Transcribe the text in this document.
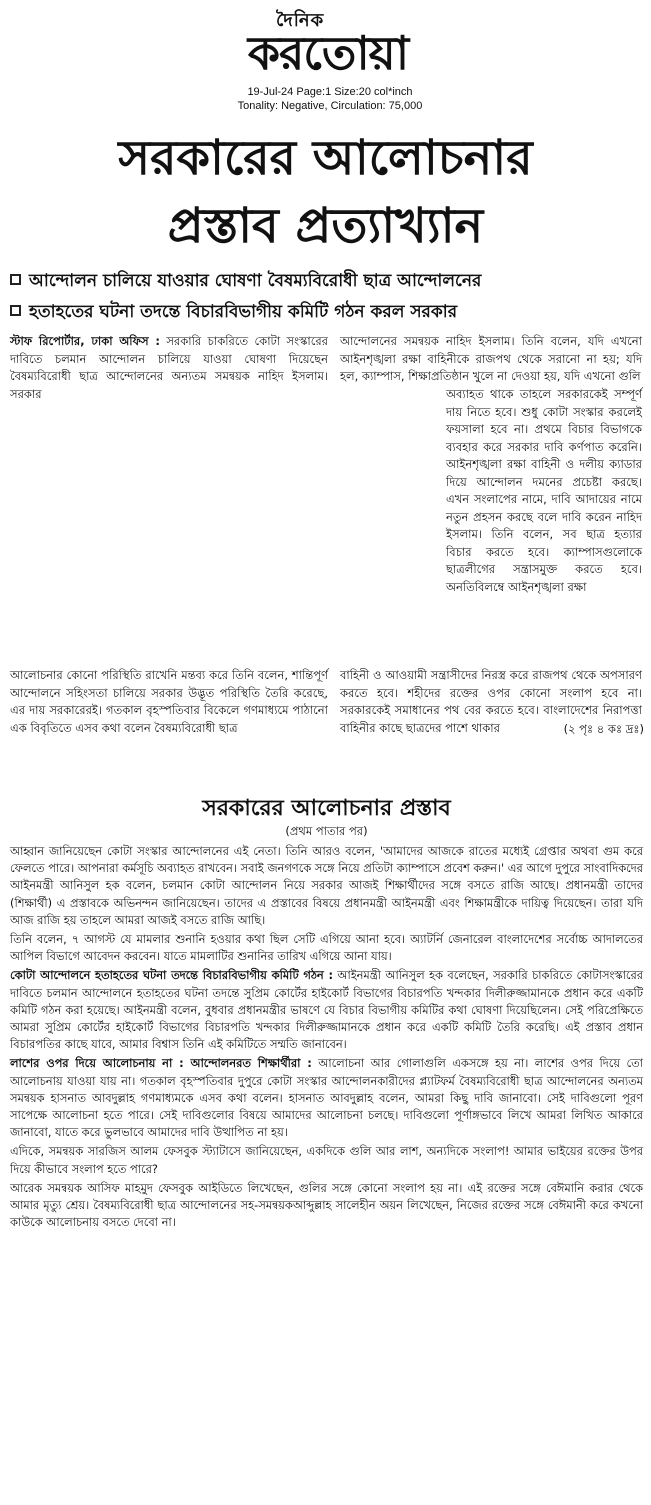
দৈনিক
করতোয়া
19-Jul-24 Page:1 Size:20 col*inch
Tonality: Negative, Circulation: 75,000
সরকারের আলোচনার
প্রস্তাব প্রত্যাখ্যান
আন্দোলন চালিয়ে যাওয়ার ঘোষণা বৈষম্যবিরোধী ছাত্র আন্দোলনের
হতাহতের ঘটনা তদন্তে বিচারবিভাগীয় কমিটি গঠন করল সরকার
স্টাফ রিপোর্টার, ঢাকা অফিস : সরকারি চাকরিতে কোটা সংস্কারের দাবিতে চলমান আন্দোলন চালিয়ে যাওয়া ঘোষণা দিয়েছেন বৈষম্যবিরোধী ছাত্র আন্দোলনের অন্যতম সমন্বয়ক নাহিদ ইসলাম। সরকার
আন্দোলনের সমন্বয়ক নাহিদ ইসলাম। তিনি বলেন, যদি এখনো আইনশৃঙ্খলা রক্ষা বাহিনীকে রাজপথ থেকে সরানো না হয়; যদি হল, ক্যাম্পাস, শিক্ষাপ্রতিষ্ঠান খুলে না দেওয়া হয়, যদি এখনো গুলি
অব্যাহত থাকে তাহলে সরকারকেই সম্পূর্ণ দায় নিতে হবে। শুধু কোটা সংস্কার করলেই ফয়সালা হবে না। প্রথমে বিচার বিভাগকে ব্যবহার করে সরকার দাবি কর্ণপাত করেনি। আইনশৃঙ্খলা রক্ষা বাহিনী ও দলীয় ক্যাডার দিয়ে আন্দোলন দমনের প্রচেষ্টা করছে। এখন সংলাপের নামে, দাবি আদায়ের নামে নতুন প্রহসন করছে বলে দাবি করেন নাহিদ ইসলাম। তিনি বলেন, সব ছাত্র হত্যার বিচার করতে হবে। ক্যাম্পাসগুলোকে ছাত্রলীগের সন্ত্রাসমুক্ত করতে হবে। অনতিবিলম্বে আইনশৃঙ্খলা রক্ষা
আলোচনার কোনো পরিস্থিতি রাখেনি মন্তব্য করে তিনি বলেন, শান্তিপূর্ণ আন্দোলনে সহিংসতা চালিয়ে সরকার উদ্ভূত পরিস্থিতি তৈরি করেছে, এর দায় সরকারেরই। গতকাল বৃহস্পতিবার বিকেলে গণমাধ্যমে পাঠানো এক বিবৃতিতে এসব কথা বলেন বৈষম্যবিরোধী ছাত্র
বাহিনী ও আওয়ামী সন্ত্রাসীদের নিরস্ত্র করে রাজপথ থেকে অপসারণ করতে হবে। শহীদের রক্তের ওপর কোনো সংলাপ হবে না। সরকারকেই সমাধানের পথ বের করতে হবে। বাংলাদেশের নিরাপত্তা বাহিনীর কাছে ছাত্রদের পাশে থাকার	(২ পৃঃ ৪ কঃ দ্রঃ)
সরকারের আলোচনার প্রস্তাব
(প্রথম পাতার পর)

আহ্বান জানিয়েছেন কোটা সংস্কার আন্দোলনের এই নেতা। তিনি আরও বলেন, 'আমাদের আজকে রাতের মধ্যেই গ্রেপ্তার অথবা গুম করে ফেলতে পারে। আপনারা কর্মসূচি অব্যাহত রাখবেন। সবাই জনগণকে সঙ্গে নিয়ে প্রতিটা ক্যাম্পাসে প্রবেশ করুন।' এর আগে দুপুরে সাংবাদিকদের আইনমন্ত্রী আনিসুল হক বলেন, চলমান কোটা আন্দোলন নিয়ে সরকার আজই শিক্ষার্থীদের সঙ্গে বসতে রাজি আছে। প্রধানমন্ত্রী তাদের (শিক্ষার্থী) এ প্রস্তাবকে অভিনন্দন জানিয়েছেন। তাদের এ প্রস্তাবের বিষয়ে প্রধানমন্ত্রী আইনমন্ত্রী এবং শিক্ষামন্ত্রীকে দায়িত্ব দিয়েছেন। তারা যদি আজ রাজি হয় তাহলে আমরা আজই বসতে রাজি আছি।

তিনি বলেন, ৭ আগস্ট যে মামলার শুনানি হওয়ার কথা ছিল সেটি এগিয়ে আনা হবে। অ্যাটর্নি জেনারেল বাংলাদেশের সর্বোচ্চ আদালতের আপিল বিভাগে আবেদন করবেন। যাতে মামলাটির শুনানির তারিখ এগিয়ে আনা যায়।

কোটা আন্দোলনে হতাহতের ঘটনা তদন্তে বিচারবিভাগীয় কমিটি গঠন : আইনমন্ত্রী আনিসুল হক বলেছেন, সরকারি চাকরিতে কোটাসংস্কারের দাবিতে চলমান আন্দোলনে হতাহতের ঘটনা তদন্তে সুপ্রিম কোর্টের হাইকোর্ট বিভাগের বিচারপতি খন্দকার দিলীরুজ্জামানকে প্রধান করে একটি কমিটি গঠন করা হয়েছে। আইনমন্ত্রী বলেন, বুধবার প্রধানমন্ত্রীর ভাষণে যে বিচার বিভাগীয় কমিটির কথা ঘোষণা দিয়েছিলেন। সেই পরিপ্রেক্ষিতে আমরা সুপ্রিম কোর্টের হাইকোর্ট বিভাগের বিচারপতি খন্দকার দিলীরুজ্জামানকে প্রধান করে একটি কমিটি তৈরি করেছি। এই প্রস্তাব প্রধান বিচারপতির কাছে যাবে, আমার বিশ্বাস তিনি এই কমিটিতে সম্মতি জানাবেন।

লাশের ওপর দিয়ে আলোচনায় না : আন্দোলনরত শিক্ষার্থীরা : আলোচনা আর গোলাগুলি একসঙ্গে হয় না। লাশের ওপর দিয়ে তো আলোচনায় যাওয়া যায় না। গতকাল বৃহস্পতিবার দুপুরে কোটা সংস্কার আন্দোলনকারীদের প্ল্যাটফর্ম বৈষম্যবিরোধী ছাত্র আন্দোলনের অন্যতম সমন্বয়ক হাসনাত আবদুল্লাহ গণমাধ্যমকে এসব কথা বলেন। হাসনাত আবদুল্লাহ বলেন, আমরা কিছু দাবি জানাবো। সেই দাবিগুলো পূরণ সাপেক্ষে আলোচনা হতে পারে। সেই দাবিগুলোর বিষয়ে আমাদের আলোচনা চলছে। দাবিগুলো পূর্ণাঙ্গভাবে লিখে আমরা লিখিত আকারে জানাবো, যাতে করে ভুলভাবে আমাদের দাবি উত্থাপিত না হয়।

এদিকে, সমন্বয়ক সারজিস আলম ফেসবুক স্ট্যাটাসে জানিয়েছেন, একদিকে গুলি আর লাশ, অন্যদিকে সংলাপ! আমার ভাইয়ের রক্তের উপর দিয়ে কীভাবে সংলাপ হতে পারে?

আরেক সমন্বয়ক আসিফ মাহমুদ ফেসবুক আইডিতে লিখেছেন, গুলির সঙ্গে কোনো সংলাপ হয় না। এই রক্তের সঙ্গে বেঈমানি করার থেকে আমার মৃত্যু শ্রেয়। বৈষম্যবিরোধী ছাত্র আন্দোলনের সহ-সমন্বয়কআব্দুল্লাহ সালেহীন অয়ন লিখেছেন, নিজের রক্তের সঙ্গে বেঈমানী করে কখনো কাউকে আলোচনায় বসতে দেবো না।
